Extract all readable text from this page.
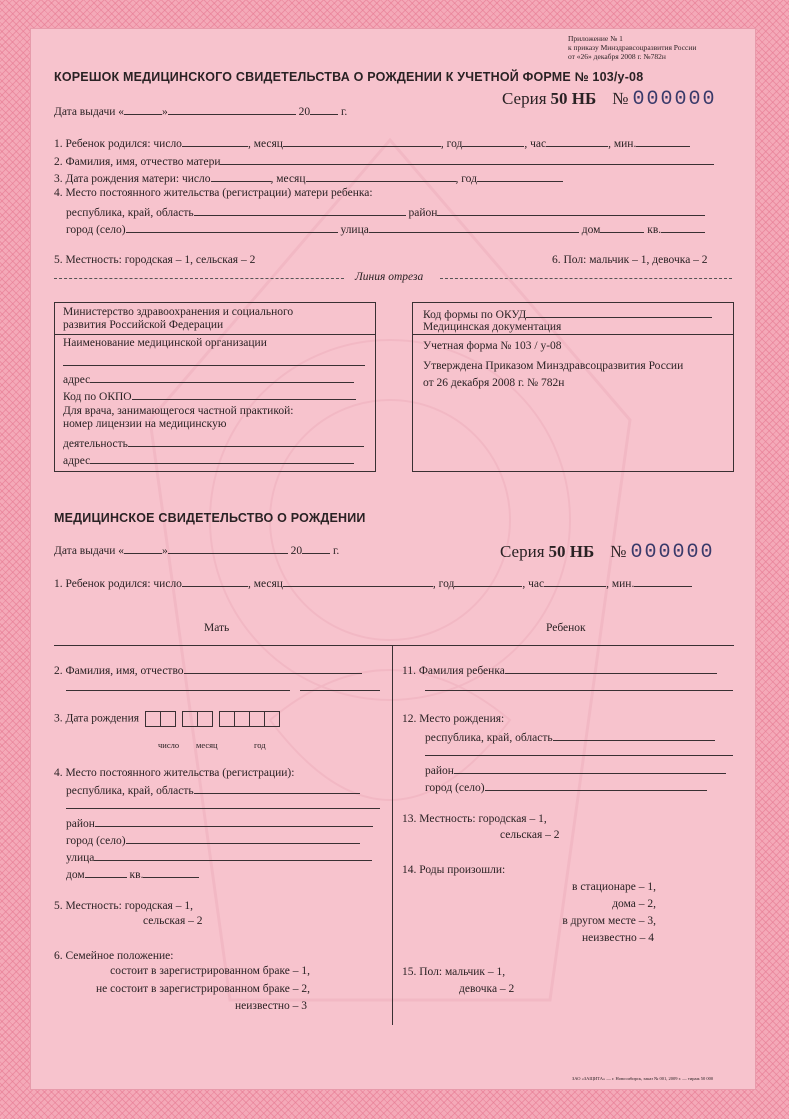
Приложение № 1
к приказу Минздравсоцразвития России
от «26» декабря 2008 г. №782н
КОРЕШОК МЕДИЦИНСКОГО СВИДЕТЕЛЬСТВА О РОЖДЕНИИ К УЧЕТНОЙ ФОРМЕ № 103/у-08
Дата выдачи «	»	20	г.
Серия 50 НБ № 000000
1. Ребенок родился: число	, месяц	, год	, час	, мин.
2. Фамилия, имя, отчество матери
3. Дата рождения матери: число	, месяц	, год
4. Место постоянного жительства (регистрации) матери ребенка:
республика, край, область	район
город (село)	улица	дом	кв.
5. Местность: городская – 1, сельская – 2	6. Пол: мальчик – 1, девочка – 2
Линия отреза
Министерство здравоохранения и социального
развития Российской Федерации
Наименование медицинской организации
адрес
Код по ОКПО
Для врача, занимающегося частной практикой:
номер лицензии на медицинскую
деятельность
адрес
Код формы по ОКУД
Медицинская документация
Учетная форма № 103 / у-08
Утверждена Приказом Минздравсоцразвития России
от 26 декабря 2008 г. № 782н
МЕДИЦИНСКОЕ СВИДЕТЕЛЬСТВО О РОЖДЕНИИ
Дата выдачи «	»	20	г.	Серия 50 НБ № 000000
1. Ребенок родился: число	, месяц	, год	, час	, мин.
Мать	Ребенок
2. Фамилия, имя, отчество
3. Дата рождения
число месяц	год
4. Место постоянного жительства (регистрации):
республика, край, область
район
город (село)
улица
дом	кв.
5. Местность: городская – 1,
сельская – 2
6. Семейное положение:
состоит в зарегистрированном браке – 1,
не состоит в зарегистрированном браке – 2,
неизвестно – 3
11. Фамилия ребенка
12. Место рождения:
республика, край, область
район
город (село)
13. Местность: городская – 1,
сельская – 2
14. Роды произошли:
в стационаре – 1,
дома – 2,
в другом месте – 3,
неизвестно – 4
15. Пол: мальчик – 1,
девочка – 2
ЗАО «ЗАЩИТА» — г. Новосибирск, заказ № 001, 2009 г. — тираж 50 000
